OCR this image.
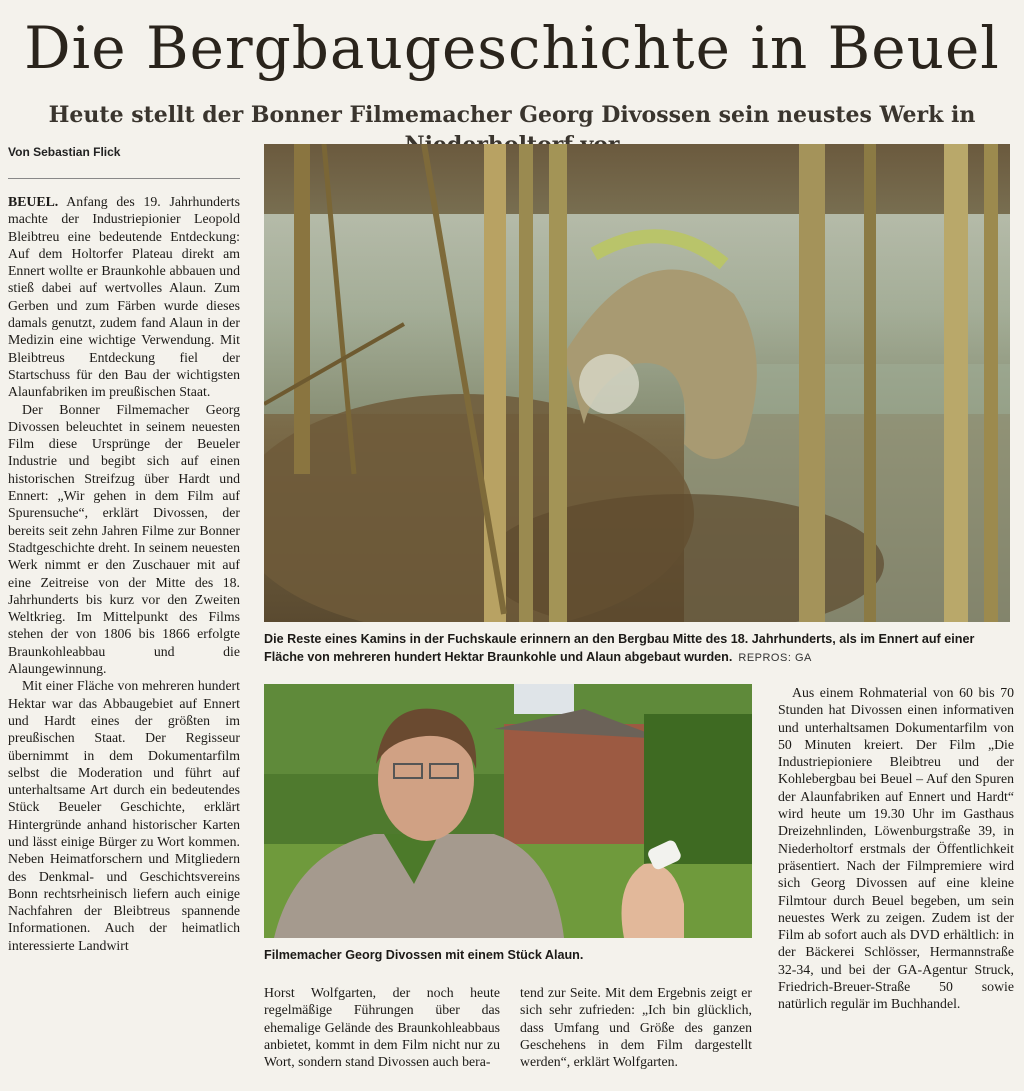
Die Bergbaugeschichte in Beuel
Heute stellt der Bonner Filmemacher Georg Divossen sein neustes Werk in
Von Sebastian Flick

BEUEL. Anfang des 19. Jahrhunderts machte der Industriepionier Leopold Bleibtreu eine bedeutende Entdeckung: Auf dem Holtorfer Plateau direkt am Ennert wollte er Braunkohle abbauen und stieß dabei auf wertvolles Alaun. Zum Gerben und zum Färben wurde dieses damals genutzt, zudem fand Alaun in der Medizin eine wichtige Verwendung. Mit Bleibtreus Entdeckung fiel der Startschuss für den Bau der wichtigsten Alaunfabriken im preußischen Staat.

Der Bonner Filmemacher Georg Divossen beleuchtet in seinem neuesten Film diese Ursprünge der Beueler Industrie und begibt sich auf einen historischen Streifzug über Hardt und Ennert: „Wir gehen in dem Film auf Spurensuche“, erklärt Divossen, der bereits seit zehn Jahren Filme zur Bonner Stadtgeschichte dreht. In seinem neuesten Werk nimmt er den Zuschauer mit auf eine Zeitreise von der Mitte des 18. Jahrhunderts bis kurz vor den Zweiten Weltkrieg. Im Mittelpunkt des Films stehen der von 1806 bis 1866 erfolgte Braunkohleabbau und die Alaungewinnung.

Mit einer Fläche von mehreren hundert Hektar war das Abbaugebiet auf Ennert und Hardt eines der größten im preußischen Staat. Der Regisseur übernimmt in dem Dokumentarfilm selbst die Moderation und führt auf unterhaltsame Art durch ein bedeutendes Stück Beueler Geschichte, erklärt Hintergründe anhand historischer Karten und lässt einige Bürger zu Wort kommen. Neben Heimatforschern und Mitgliedern des Denkmal- und Geschichtsvereins Bonn rechtsrheinisch liefern auch einige Nachfahren der Bleibtreus spannende Informationen. Auch der heimatlich interessierte Landwirt

Die Reste eines Kamins in der Fuchskaule erinnern an den Bergbau Mitte des 18. Jahrhunderts, als im Ennert auf einer Fläche von mehreren hundert Hektar Braunkohle und Alaun abgebaut wurden. REPROS: GA
Filmemacher Georg Divossen mit einem Stück Alaun.

Horst Wolfgarten, der noch heute regelmäßige Führungen über das ehemalige Gelände des Braunkohleabbaus anbietet, kommt in dem Film nicht nur zu Wort, sondern stand Divossen auch bera-

tend zur Seite. Mit dem Ergebnis zeigt er sich sehr zufrieden: „Ich bin glücklich, dass Umfang und Größe des ganzen Geschehens in dem Film dargestellt werden“, erklärt Wolfgarten.

Aus einem Rohmaterial von 60 bis 70 Stunden hat Divossen einen informativen und unterhaltsamen Dokumentarfilm von 50 Minuten kreiert. Der Film „Die Industriepioniere Bleibtreu und der Kohlebergbau bei Beuel – Auf den Spuren der Alaunfabriken auf Ennert und Hardt“ wird heute um 19.30 Uhr im Gasthaus Dreizehnlinden, Löwenburgstraße 39, in Niederholtorf erstmals der Öffentlichkeit präsentiert. Nach der Filmpremiere wird sich Georg Divossen auf eine kleine Filmtour durch Beuel begeben, um sein neuestes Werk zu zeigen. Zudem ist der Film ab sofort auch als DVD erhältlich: in der Bäckerei Schlösser, Hermannstraße 32-34, und bei der GA-Agentur Struck, Friedrich-Breuer-Straße 50 sowie natürlich regulär im Buchhandel.
